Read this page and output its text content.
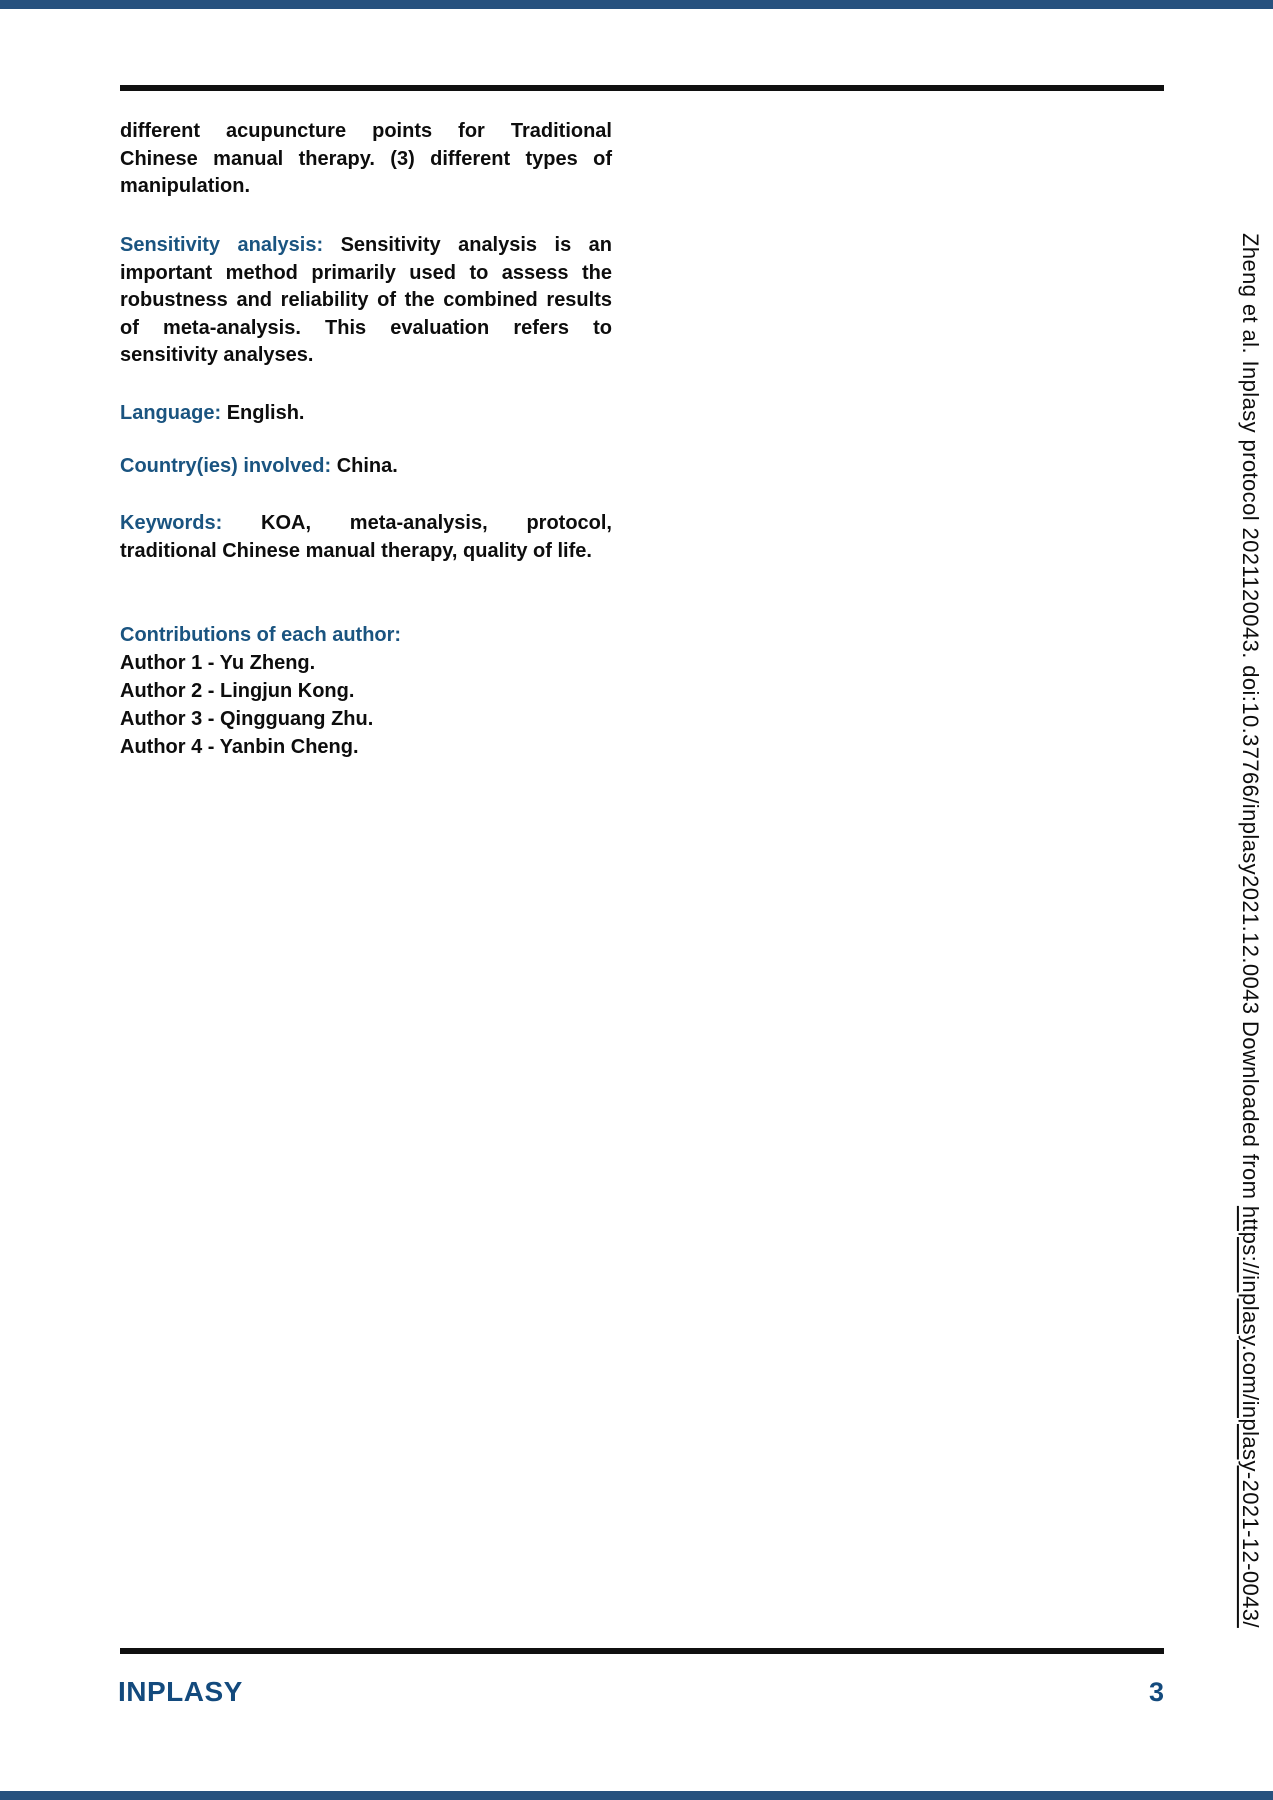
different acupuncture points for Traditional Chinese manual therapy. (3) different types of manipulation.
Sensitivity analysis: Sensitivity analysis is an important method primarily used to assess the robustness and reliability of the combined results of meta-analysis. This evaluation refers to sensitivity analyses.
Language: English.
Country(ies) involved: China.
Keywords: KOA, meta-analysis, protocol, traditional Chinese manual therapy, quality of life.
Contributions of each author:
Author 1 - Yu Zheng.
Author 2 - Lingjun Kong.
Author 3 - Qingguang Zhu.
Author 4 - Yanbin Cheng.	Zheng et al. Inplasy protocol 2021120043. doi:10.37766/inplasy2021.12.0043 Downloaded from https://inplasy.com/inplasy-2021-12-0043/
INPLASY	3
